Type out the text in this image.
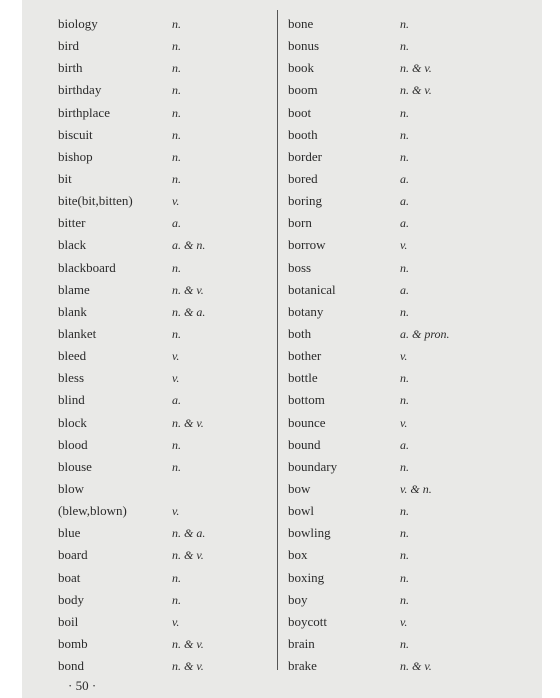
biology	n.
bird	n.
birth	n.
birthday	n.
birthplace	n.
biscuit	n.
bishop	n.
bit	n.
bite(bit,bitten)	v.
bitter	a.
black	a. & n.
blackboard	n.
blame	n. & v.
blank	n. & a.
blanket	n.
bleed	v.
bless	v.
blind	a.
block	n. & v.
blood	n.
blouse	n.
blow
(blew,blown)	v.
blue	n. & a.
board	n. & v.
boat	n.
body	n.
boil	v.
bomb	n. & v.
bond	n. & v.
bone	n.
bonus	n.
book	n. & v.
boom	n. & v.
boot	n.
booth	n.
border	n.
bored	a.
boring	a.
born	a.
borrow	v.
boss	n.
botanical	a.
botany	n.
both	a. & pron.
bother	v.
bottle	n.
bottom	n.
bounce	v.
bound	a.
boundary	n.
bow	v. & n.
bowl	n.
bowling	n.
box	n.
boxing	n.
boy	n.
boycott	v.
brain	n.
brake	n. & v.
· 50 ·
